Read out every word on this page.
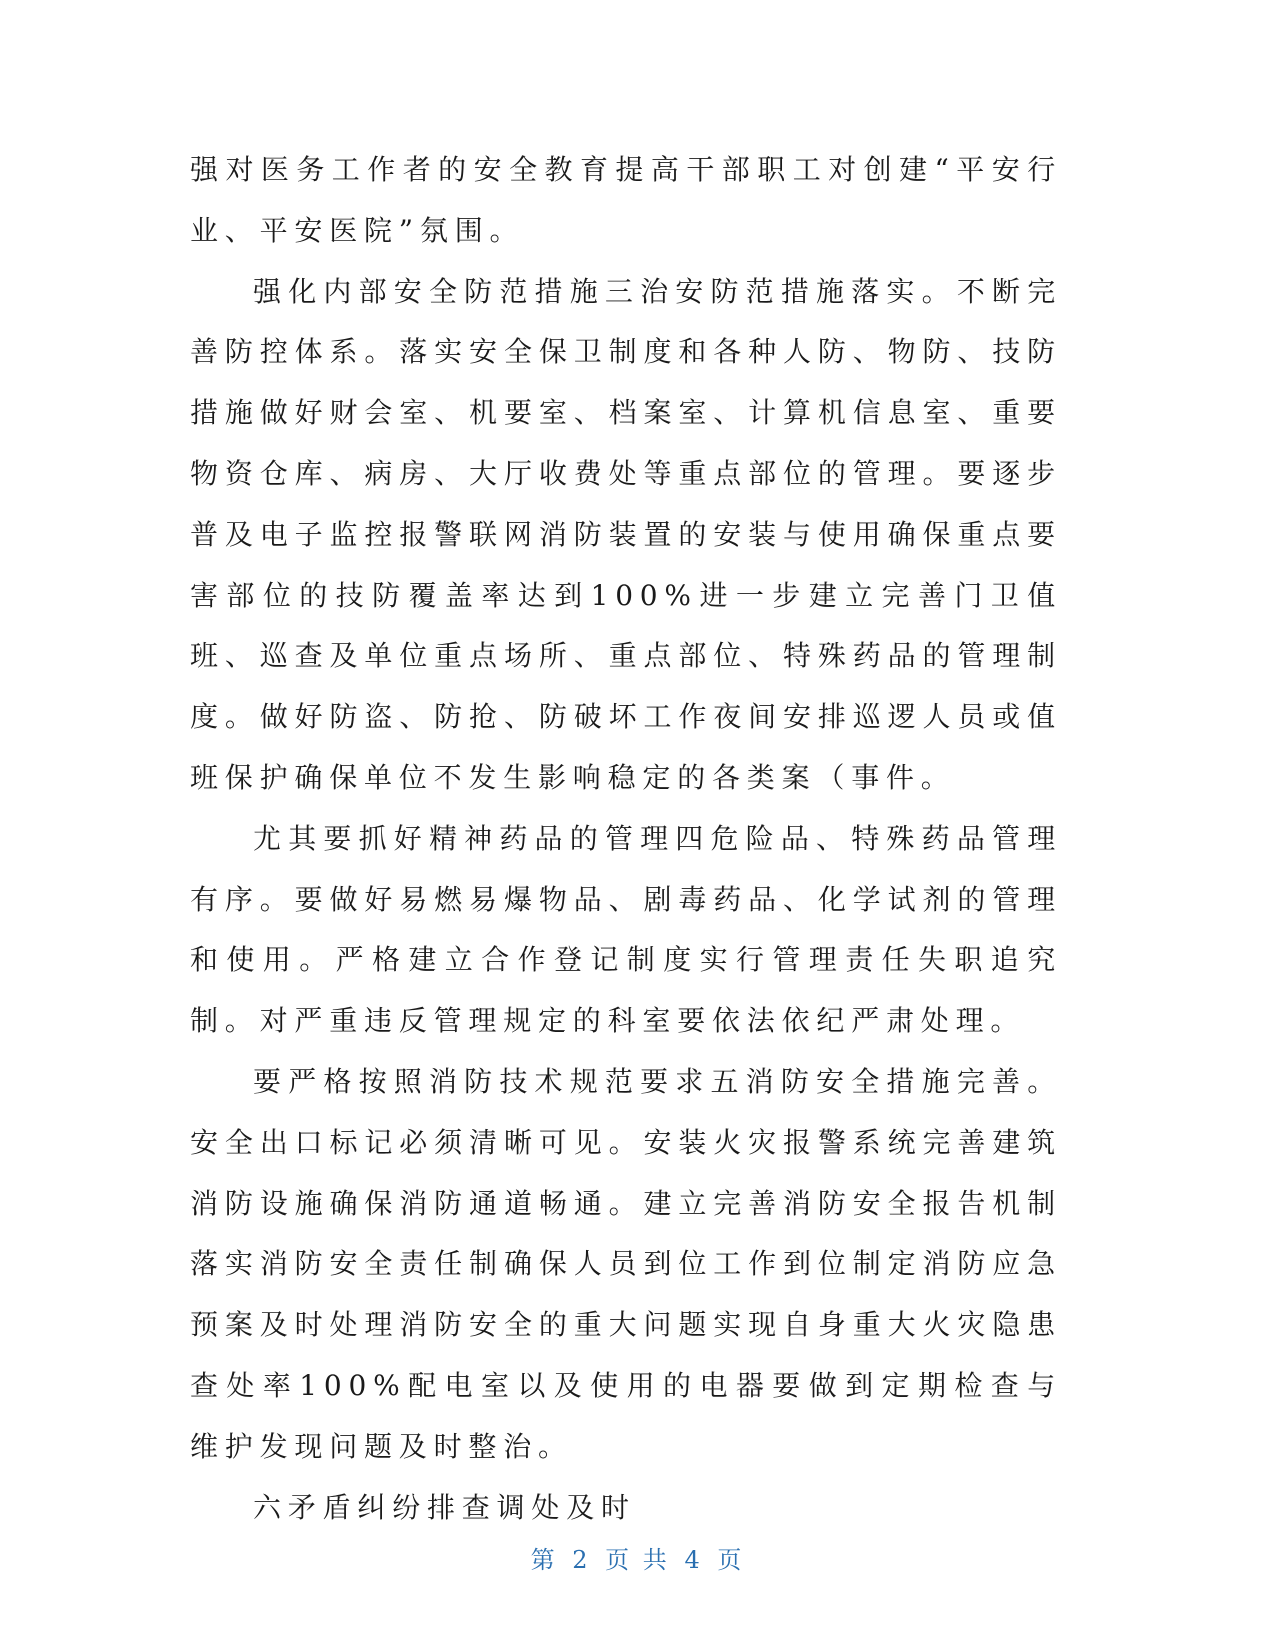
强对医务工作者的安全教育提高干部职工对创建“平安行业、平安医院”氛围。

强化内部安全防范措施三治安防范措施落实。不断完善防控体系。落实安全保卫制度和各种人防、物防、技防措施做好财会室、机要室、档案室、计算机信息室、重要物资仓库、病房、大厅收费处等重点部位的管理。要逐步普及电子监控报警联网消防装置的安装与使用确保重点要害部位的技防覆盖率达到100%进一步建立完善门卫值班、巡查及单位重点场所、重点部位、特殊药品的管理制度。做好防盗、防抢、防破坏工作夜间安排巡逻人员或值班保护确保单位不发生影响稳定的各类案（事件。

尤其要抓好精神药品的管理四危险品、特殊药品管理有序。要做好易燃易爆物品、剧毒药品、化学试剂的管理和使用。严格建立合作登记制度实行管理责任失职追究制。对严重违反管理规定的科室要依法依纪严肃处理。

要严格按照消防技术规范要求五消防安全措施完善。安全出口标记必须清晰可见。安装火灾报警系统完善建筑消防设施确保消防通道畅通。建立完善消防安全报告机制落实消防安全责任制确保人员到位工作到位制定消防应急预案及时处理消防安全的重大问题实现自身重大火灾隐患查处率100%配电室以及使用的电器要做到定期检查与维护发现问题及时整治。

六矛盾纠纷排查调处及时

第 2 页 共 4 页
